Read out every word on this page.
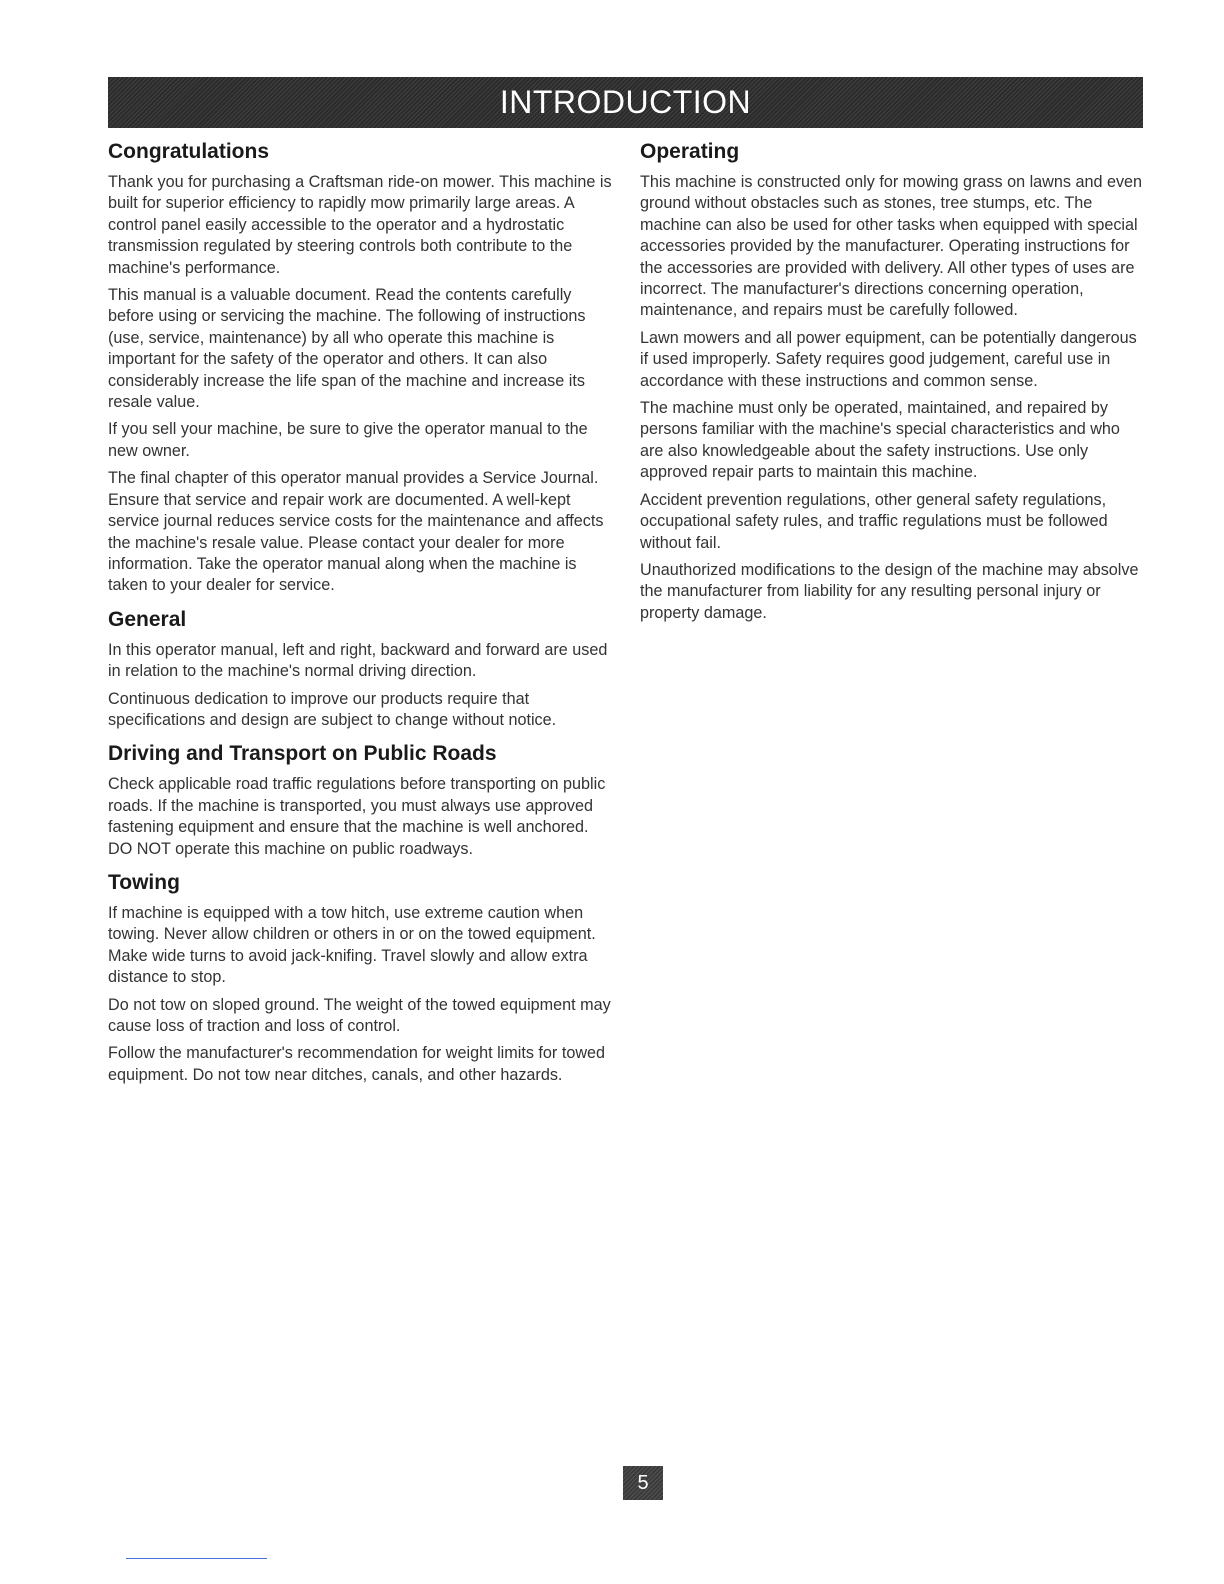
INTRODUCTION
Congratulations

Thank you for purchasing a Craftsman ride-on mower. This machine is built for superior efficiency to rapidly mow primarily large areas. A control panel easily accessible to the operator and a hydrostatic transmission regulated by steering controls both contribute to the machine's performance.

This manual is a valuable document. Read the contents carefully before using or servicing the machine. The following of instructions (use, service, maintenance) by all who operate this machine is important for the safety of the operator and others. It can also considerably increase the life span of the machine and increase its resale value.

If you sell your machine, be sure to give the operator manual to the new owner.

The final chapter of this operator manual provides a Service Journal. Ensure that service and repair work are documented. A well-kept service journal reduces service costs for the maintenance and affects the machine's resale value. Please contact your dealer for more information. Take the operator manual along when the machine is taken to your dealer for service.

General

In this operator manual, left and right, backward and forward are used in relation to the machine's normal driving direction.

Continuous dedication to improve our products require that specifications and design are subject to change without notice.

Driving and Transport on Public Roads

Check applicable road traffic regulations before transporting on public roads. If the machine is transported, you must always use approved fastening equipment and ensure that the machine is well anchored. DO NOT operate this machine on public roadways.

Towing

If machine is equipped with a tow hitch, use extreme caution when towing. Never allow children or others in or on the towed equipment. Make wide turns to avoid jack-knifing. Travel slowly and allow extra distance to stop.

Do not tow on sloped ground. The weight of the towed equipment may cause loss of traction and loss of control.

Follow the manufacturer's recommendation for weight limits for towed equipment. Do not tow near ditches, canals, and other hazards.

Operating

This machine is constructed only for mowing grass on lawns and even ground without obstacles such as stones, tree stumps, etc. The machine can also be used for other tasks when equipped with special accessories provided by the manufacturer. Operating instructions for the accessories are provided with delivery. All other types of uses are incorrect. The manufacturer's directions concerning operation, maintenance, and repairs must be carefully followed.

Lawn mowers and all power equipment, can be potentially dangerous if used improperly. Safety requires good judgement, careful use in accordance with these instructions and common sense.

The machine must only be operated, maintained, and repaired by persons familiar with the machine's special characteristics and who are also knowledgeable about the safety instructions. Use only approved repair parts to maintain this machine.

Accident prevention regulations, other general safety regulations, occupational safety rules, and traffic regulations must be followed without fail.

Unauthorized modifications to the design of the machine may absolve the manufacturer from liability for any resulting personal injury or property damage.

5
